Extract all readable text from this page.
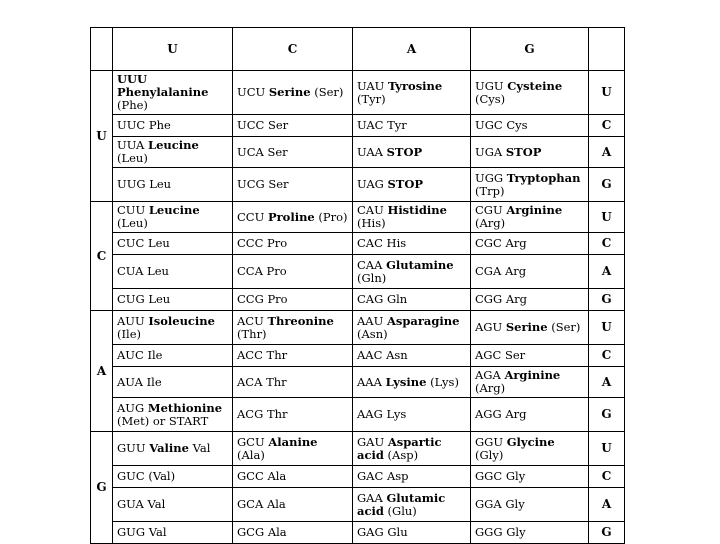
	U	C	A	G	
U	UUU Phenylalanine (Phe)	UCU Serine (Ser)	UAU Tyrosine (Tyr)	UGU Cysteine (Cys)	U
	UUC Phe	UCC Ser	UAC Tyr	UGC Cys	C
	UUA Leucine (Leu)	UCA Ser	UAA STOP	UGA STOP	A
	UUG Leu	UCG Ser	UAG STOP	UGG Tryptophan (Trp)	G
C	CUU Leucine (Leu)	CCU Proline (Pro)	CAU Histidine (His)	CGU Arginine (Arg)	U
	CUC Leu	CCC Pro	CAC His	CGC Arg	C
	CUA Leu	CCA Pro	CAA Glutamine (Gln)	CGA Arg	A
	CUG Leu	CCG Pro	CAG Gln	CGG Arg	G
A	AUU Isoleucine (Ile)	ACU Threonine (Thr)	AAU Asparagine (Asn)	AGU Serine (Ser)	U
	AUC Ile	ACC Thr	AAC Asn	AGC Ser	C
	AUA Ile	ACA Thr	AAA Lysine (Lys)	AGA Arginine (Arg)	A
	AUG Methionine (Met) or START	ACG Thr	AAG Lys	AGG Arg	G
G	GUU Valine Val	GCU Alanine (Ala)	GAU Aspartic acid (Asp)	GGU Glycine (Gly)	U
	GUC (Val)	GCC Ala	GAC Asp	GGC Gly	C
	GUA Val	GCA Ala	GAA Glutamic acid (Glu)	GGA Gly	A
	GUG Val	GCG Ala	GAG Glu	GGG Gly	G
